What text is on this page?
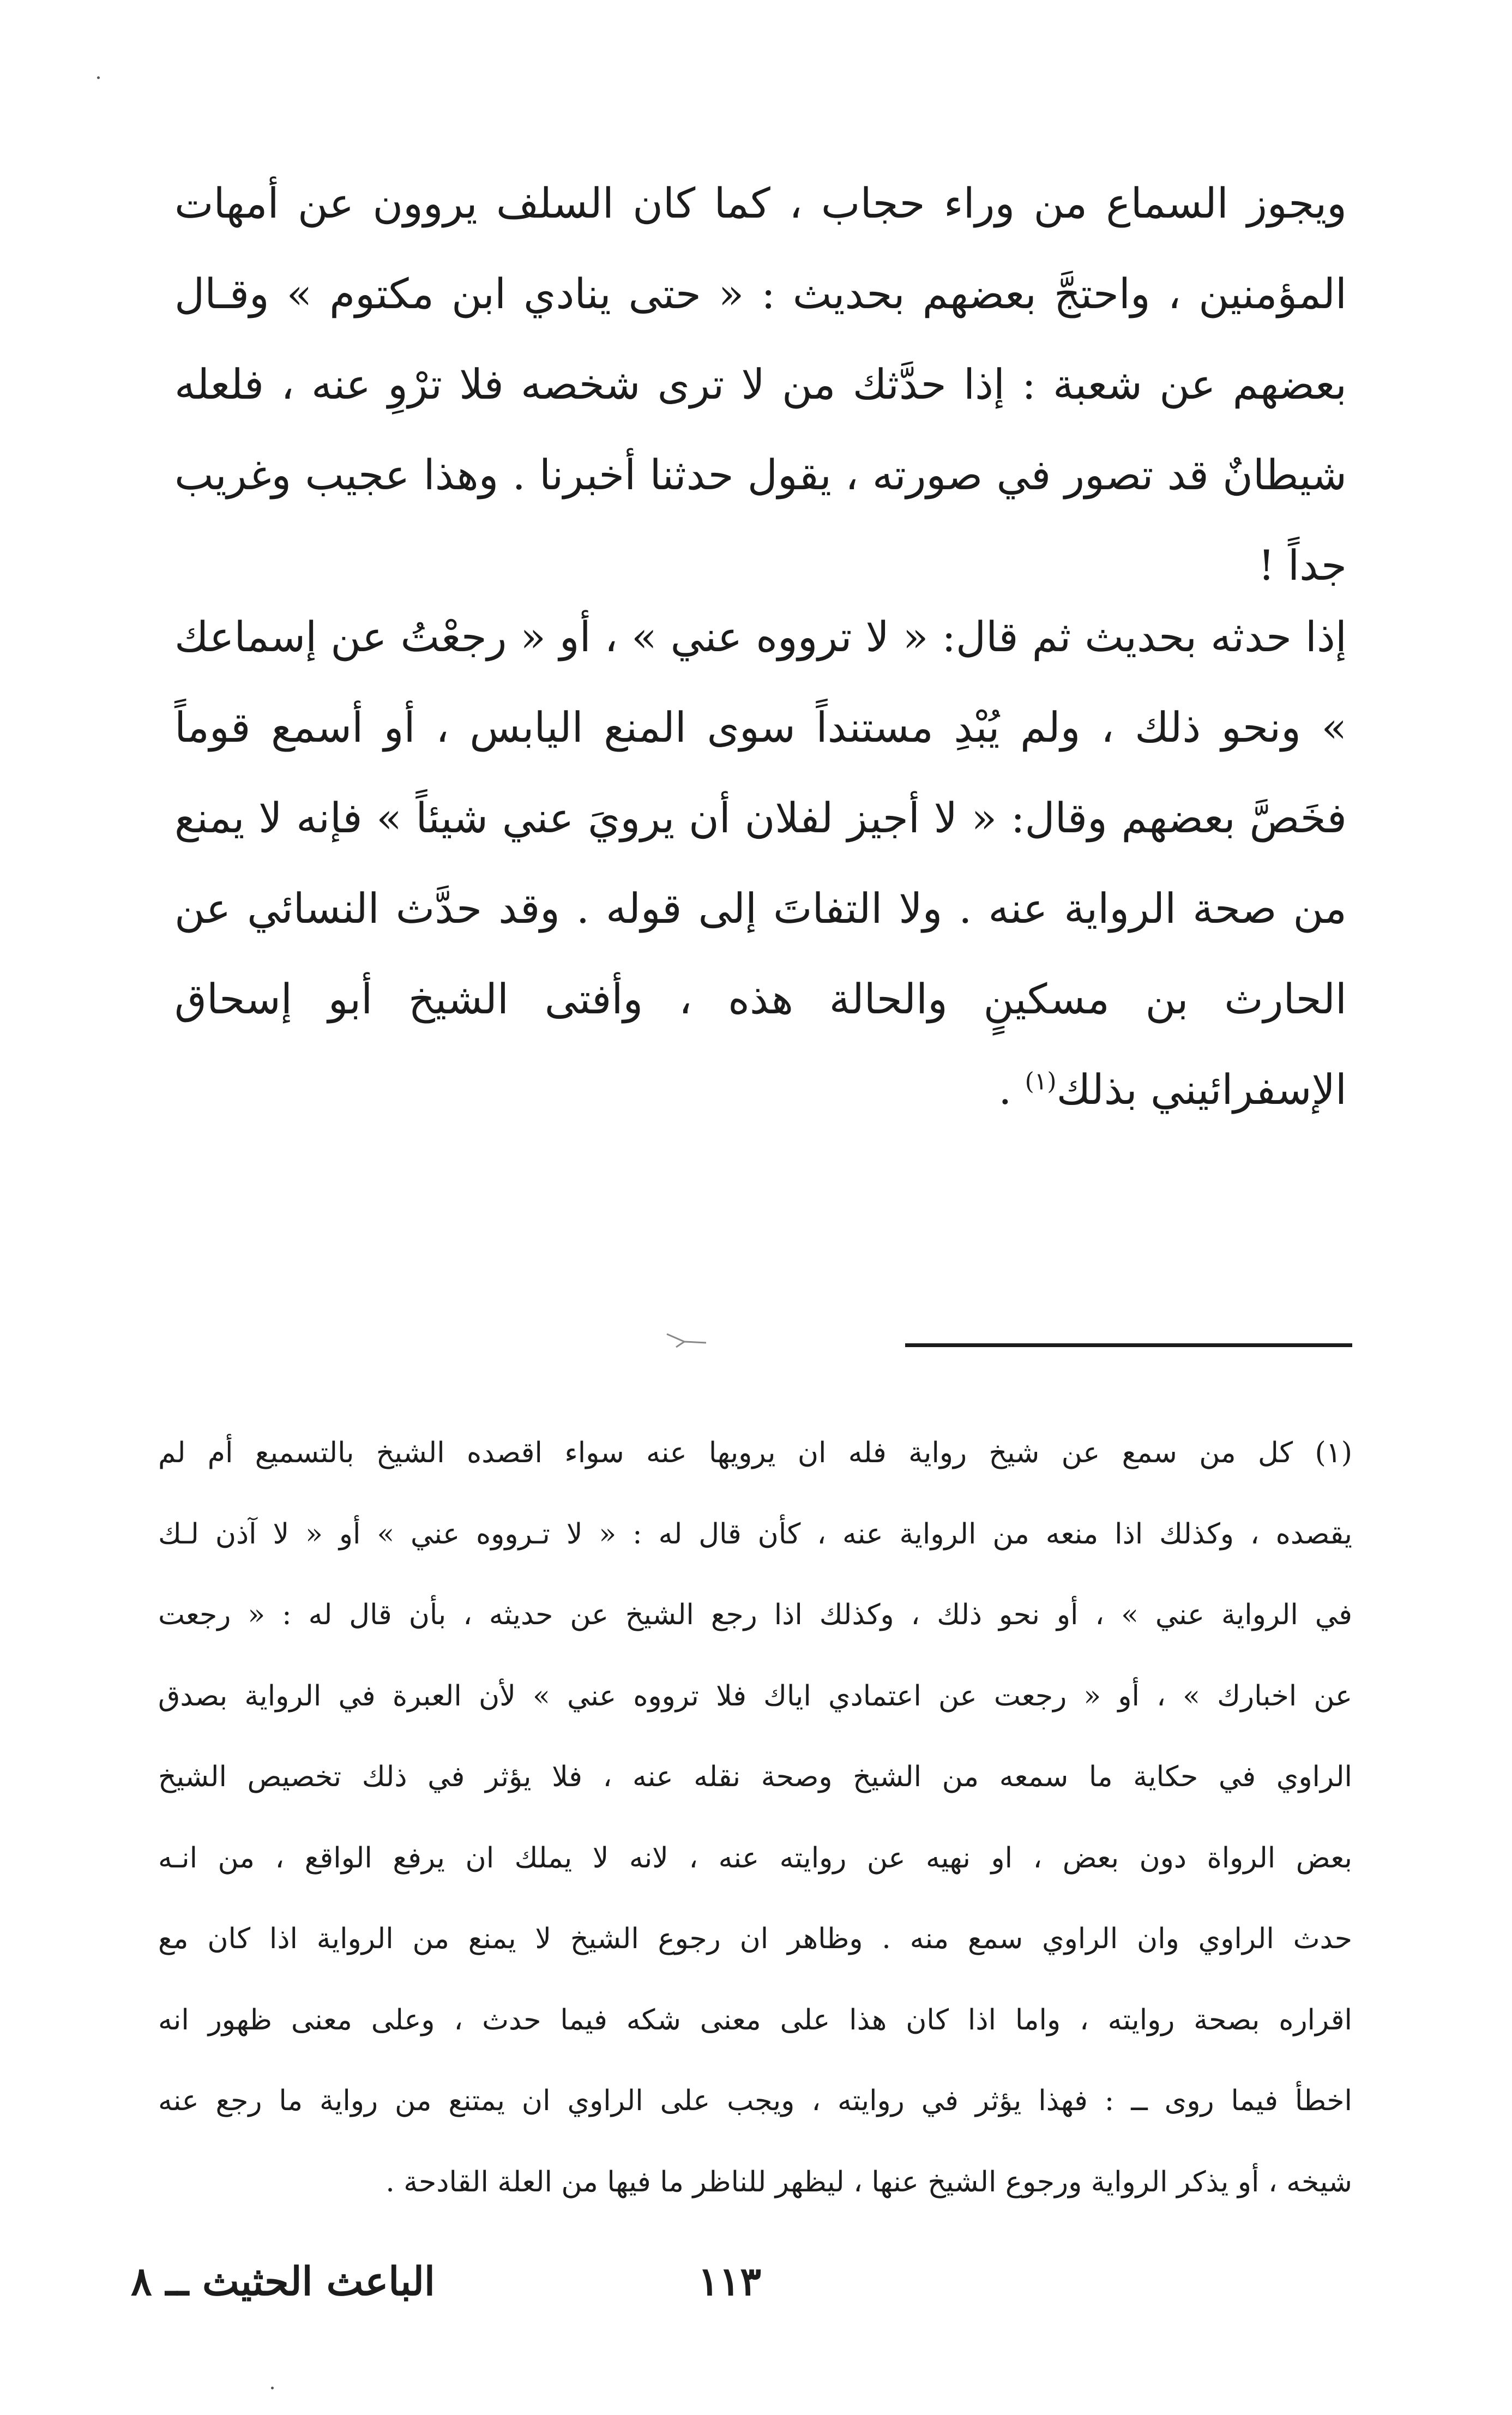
ويجوز السماع من وراء حجاب ، كما كان السلف يروون عن أمهات المؤمنين ، واحتجَّ بعضهم بحديث : « حتى ينادي ابن مكتوم » وقـال بعضهم عن شعبة : إذا حدَّثك من لا ترى شخصه فلا ترْوِ عنه ، فلعله شيطانٌ قد تصور في صورته ، يقول حدثنا أخبرنا . وهذا عجيب وغريب جداً !

إذا حدثه بحديث ثم قال: « لا ترووه عني » ، أو « رجعْتُ عن إسماعك » ونحو ذلك ، ولم يُبْدِ مستنداً سوى المنع اليابس ، أو أسمع قوماً فخَصَّ بعضهم وقال: « لا أجيز لفلان أن يرويَ عني شيئاً » فإنه لا يمنع من صحة الرواية عنه . ولا التفاتَ إلى قوله . وقد حدَّث النسائي عن الحارث بن مسكينٍ والحالة هذه ، وأفتى الشيخ أبو إسحاق الإسفرائيني بذلك$^{(١)}$ .

(١) كل من سمع عن شيخ رواية فله ان يرويها عنه سواء اقصده الشيخ بالتسميع أم لم
يقصده ، وكذلك اذا منعه من الرواية عنه ، كأن قال له : « لا تـرووه عني » أو « لا آذن لـك
في الرواية عني » ، أو نحو ذلك ، وكذلك اذا رجع الشيخ عن حديثه ، بأن قال له : « رجعت
عن اخبارك » ، أو « رجعت عن اعتمادي اياك فلا ترووه عني » لأن العبرة في الرواية بصدق
الراوي في حكاية ما سمعه من الشيخ وصحة نقله عنه ، فلا يؤثر في ذلك تخصيص الشيخ
بعض الرواة دون بعض ، او نهيه عن روايته عنه ، لانه لا يملك ان يرفع الواقع ، من انـه
حدث الراوي وان الراوي سمع منه . وظاهر ان رجوع الشيخ لا يمنع من الرواية اذا كان مع
اقراره بصحة روايته ، واما اذا كان هذا على معنى شكه فيما حدث ، وعلى معنى ظهور انه
اخطأ فيما روى ــ : فهذا يؤثر في روايته ، ويجب على الراوي ان يمتنع من رواية ما رجع عنه
شيخه ، أو يذكر الرواية ورجوع الشيخ عنها ، ليظهر للناظر ما فيها من العلة القادحة .
الباعث الحثيث ــ ٨	١١٣
